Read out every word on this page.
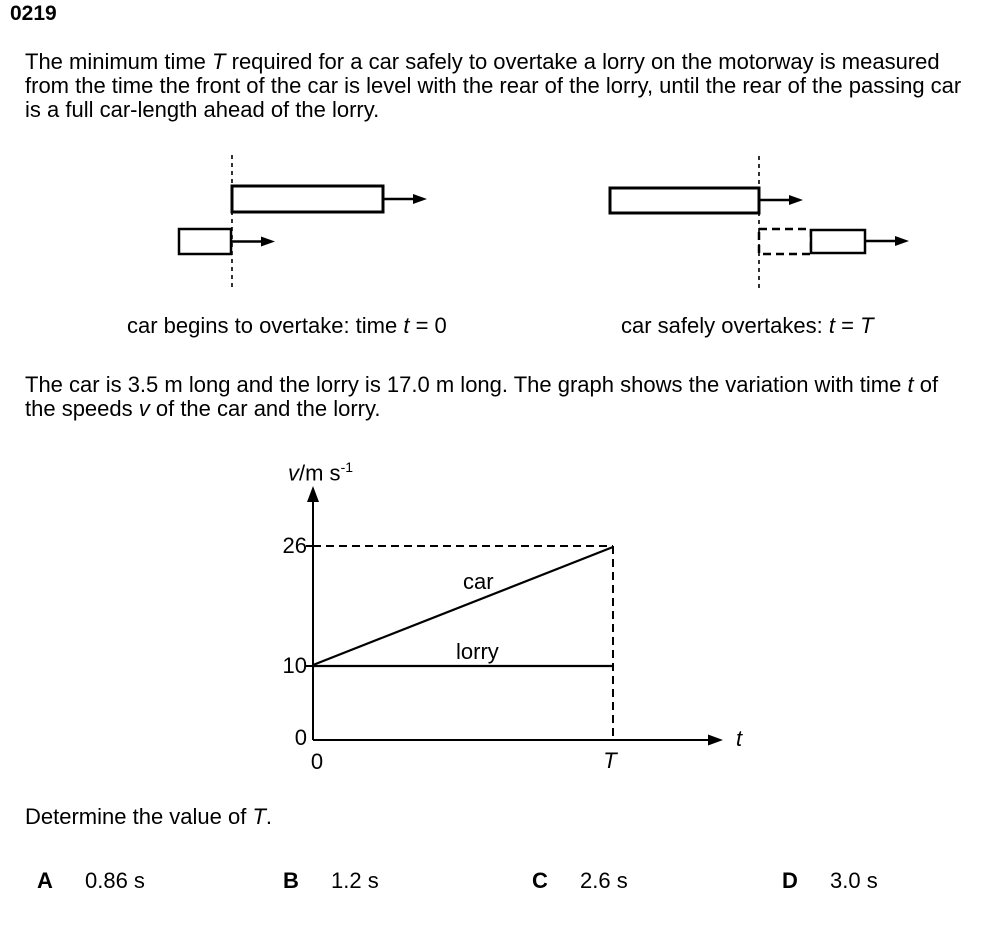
0219

The minimum time T required for a car safely to overtake a lorry on the motorway is measured
from the time the front of the car is level with the rear of the lorry, until the rear of the passing car
is a full car-length ahead of the lorry.

car begins to overtake: time t = 0	car safely overtakes: t = T

The car is 3.5 m long and the lorry is 17.0 m long. The graph shows the variation with time t of
the speeds v of the car and the lorry.

v/m $s^{-1}$
26
10
0
0	T
t
car
lorry

Determine the value of T.

A 0.86 s	B 1.2 s	C 2.6 s	D 3.0 s
